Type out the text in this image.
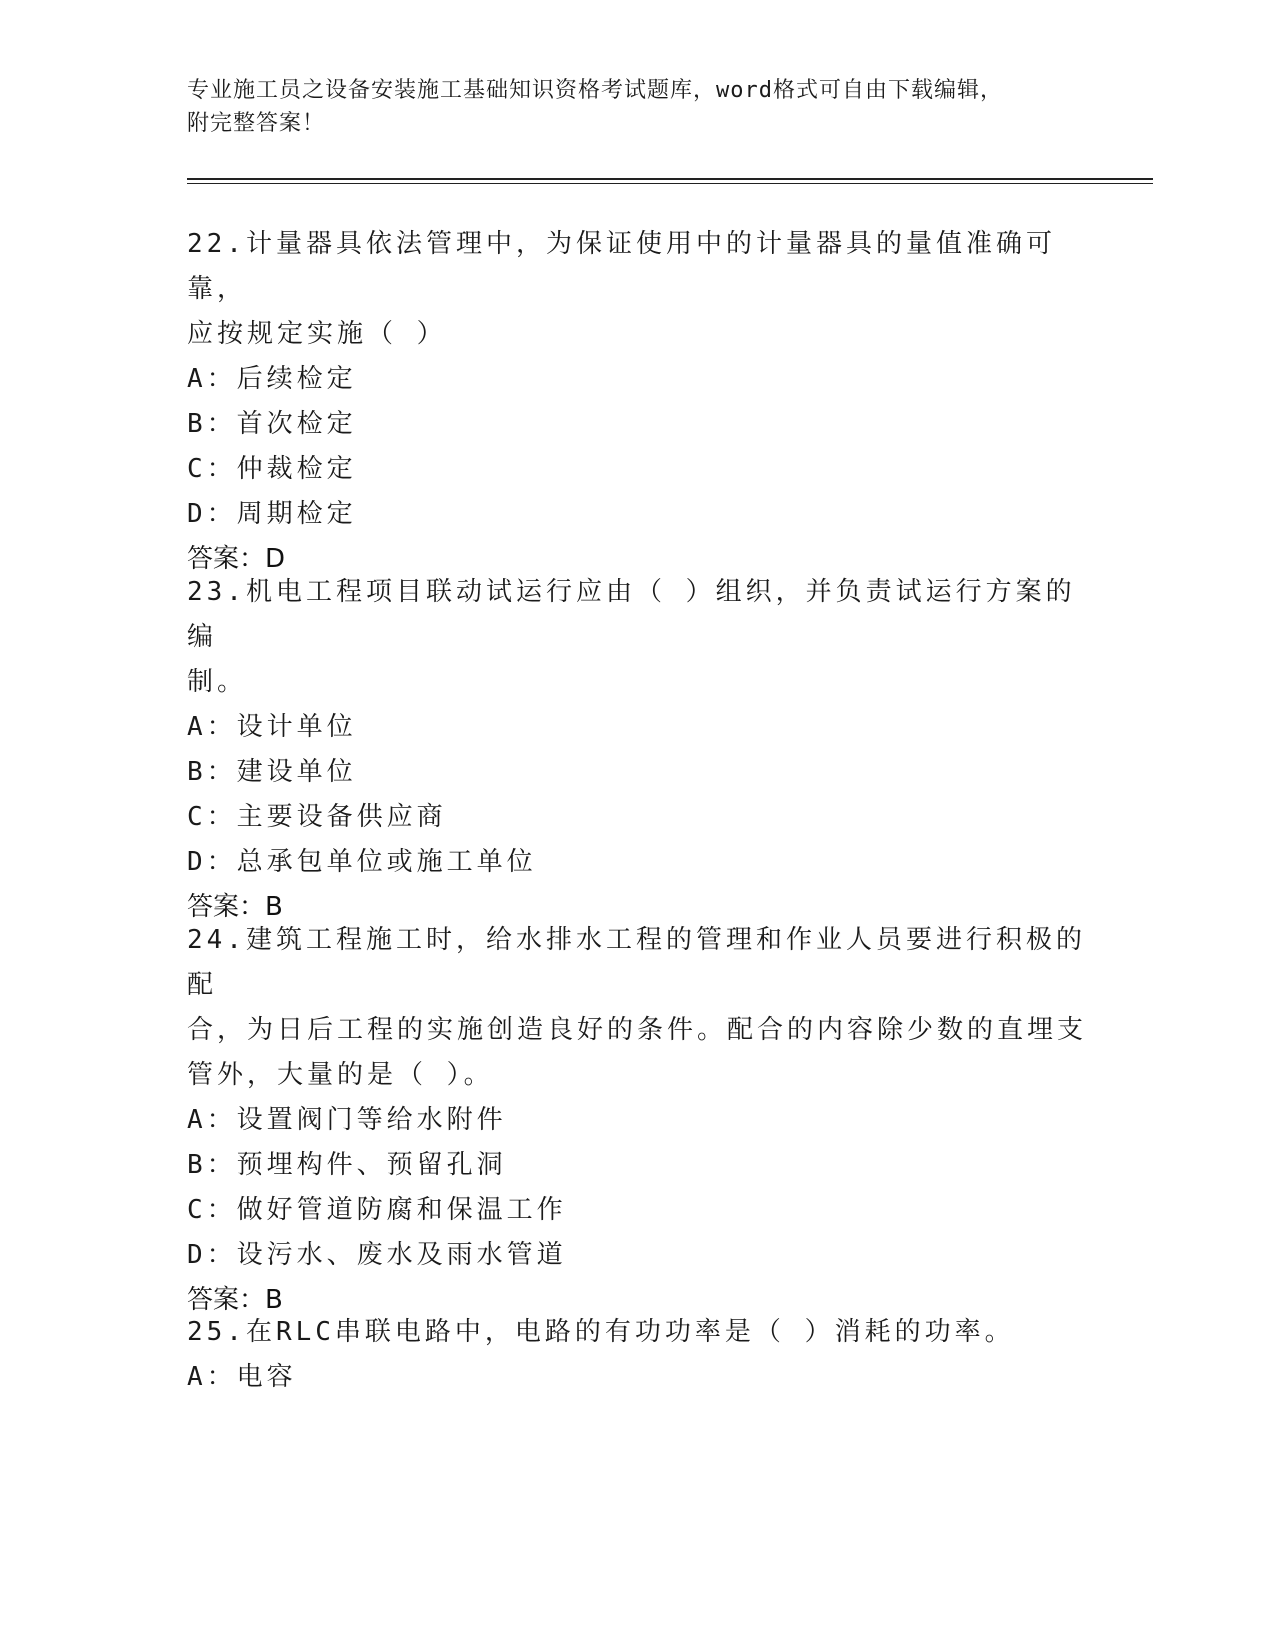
专业施工员之设备安装施工基础知识资格考试题库，word格式可自由下载编辑，
附完整答案！

22.计量器具依法管理中，为保证使用中的计量器具的量值准确可靠，

应按规定实施（ ）

A：后续检定

B：首次检定

C：仲裁检定

D：周期检定

答案：D

23.机电工程项目联动试运行应由（ ）组织，并负责试运行方案的编

制。

A：设计单位

B：建设单位

C：主要设备供应商

D：总承包单位或施工单位

答案：B

24.建筑工程施工时，给水排水工程的管理和作业人员要进行积极的配

合，为日后工程的实施创造良好的条件。配合的内容除少数的直埋支

管外，大量的是（ ）。

A：设置阀门等给水附件

B：预埋构件、预留孔洞

C：做好管道防腐和保温工作

D：设污水、废水及雨水管道

答案：B

25.在RLC串联电路中，电路的有功功率是（ ）消耗的功率。

A：电容
